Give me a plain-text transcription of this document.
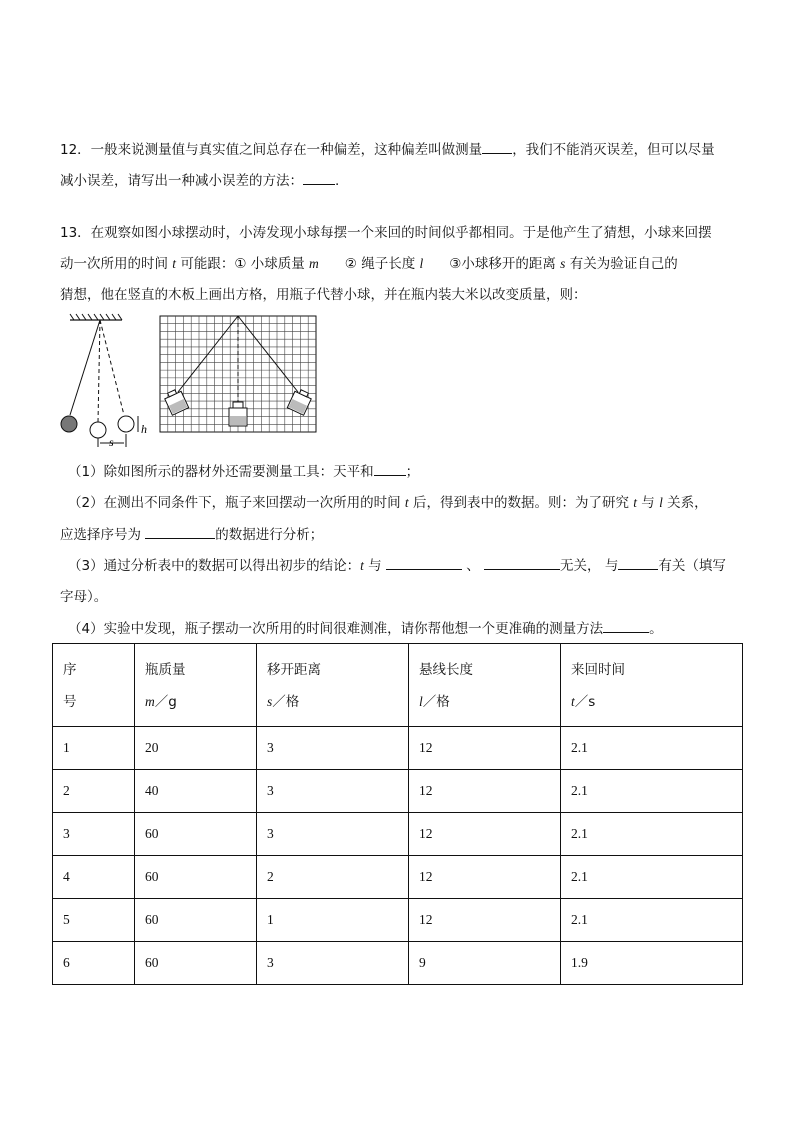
12．一般来说测量值与真实值之间总存在一种偏差，这种偏差叫做测量 ，我们不能消灭误差，但可以尽量
减小误差，请写出一种减小误差的方法： .
13．在观察如图小球摆动时，小涛发现小球每摆一个来回的时间似乎都相同。于是他产生了猜想，小球来回摆
动一次所用的时间 t 可能跟：① 小球质量 m ② 绳子长度 l ③小球移开的距离 s 有关为验证自己的
猜想，他在竖直的木板上画出方格，用瓶子代替小球，并在瓶内装大米以改变质量，则：
s
h
（1）除如图所示的器材外还需要测量工具：天平和 ；
（2）在测出不同条件下，瓶子来回摆动一次所用的时间 t 后，得到表中的数据。则：为了研究 t 与 l 关系，
应选择序号为	的数据进行分析；
（3）通过分析表中的数据可以得出初步的结论：t 与	、	无关， 与	有关（填写
字母）。
（4）实验中发现，瓶子摆动一次所用的时间很难测准，请你帮他想一个更准确的测量方法	。
序
号	瓶质量
m／g	移开距离
s／格	悬线长度
l／格	来回时间
t／s
1	20	3	12	2.1
2	40	3	12	2.1
3	60	3	12	2.1
4	60	2	12	2.1
5	60	1	12	2.1
6	60	3	9	1.9
